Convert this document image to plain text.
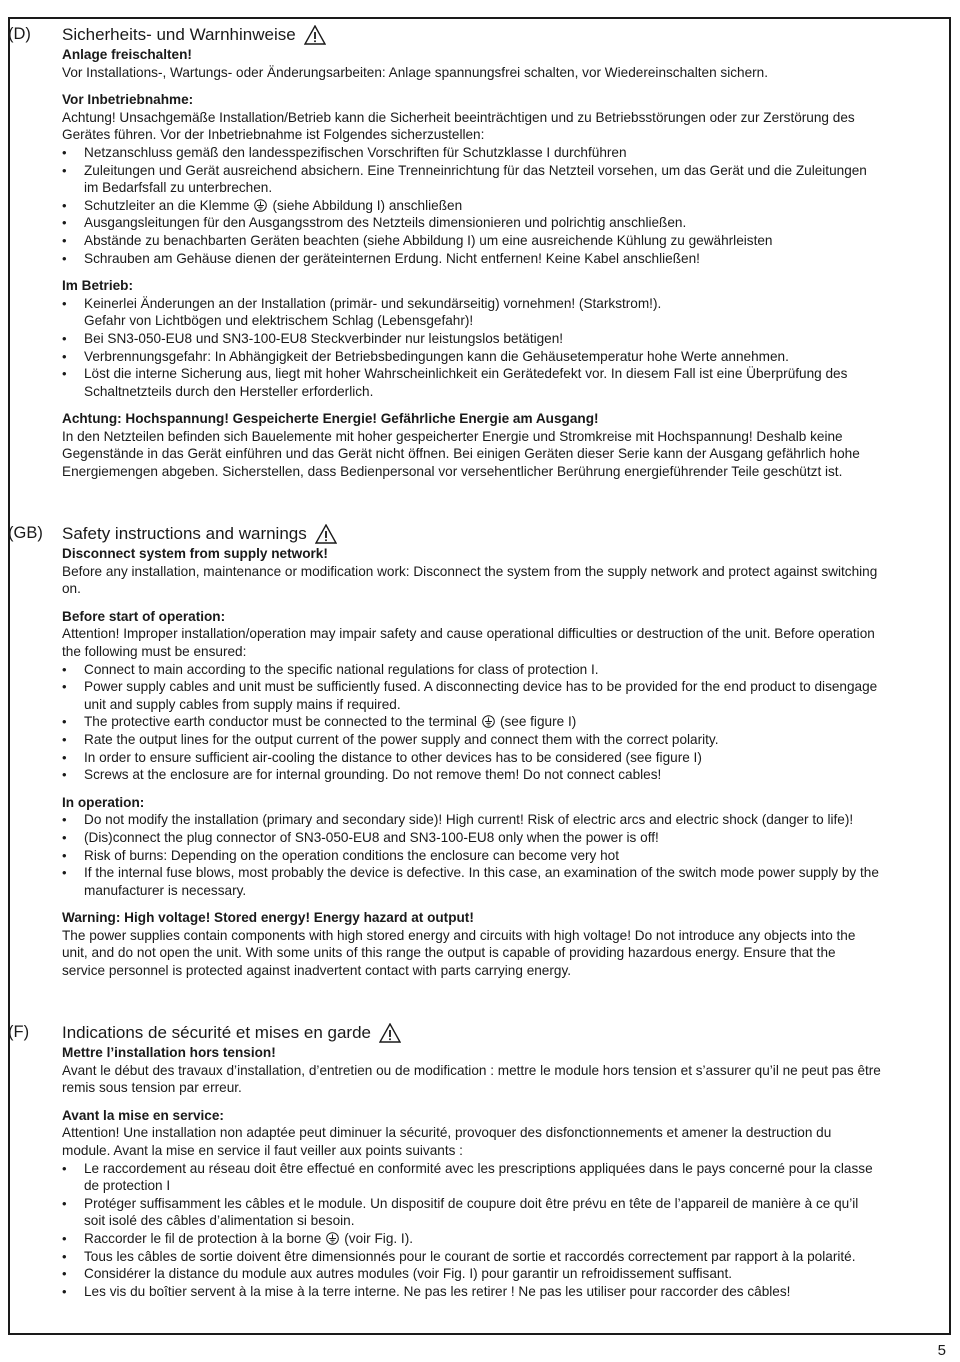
(D) Sicherheits- und Warnhinweise

Anlage freischalten!

Vor Installations-, Wartungs- oder Änderungsarbeiten: Anlage spannungsfrei schalten, vor Wiedereinschalten sichern.

Vor Inbetriebnahme:

Achtung! Unsachgemäße Installation/Betrieb kann die Sicherheit beeinträchtigen und zu Betriebsstörungen oder zur Zerstörung des Gerätes führen. Vor der Inbetriebnahme ist Folgendes sicherzustellen:

• Netzanschluss gemäß den landesspezifischen Vorschriften für Schutzklasse I durchführen
• Zuleitungen und Gerät ausreichend absichern. Eine Trenneinrichtung für das Netzteil vorsehen, um das Gerät und die Zuleitungen im Bedarfsfall zu unterbrechen.
• Schutzleiter an die Klemme (siehe Abbildung I) anschließen
• Ausgangsleitungen für den Ausgangsstrom des Netzteils dimensionieren und polrichtig anschließen.
• Abstände zu benachbarten Geräten beachten (siehe Abbildung I) um eine ausreichende Kühlung zu gewährleisten
• Schrauben am Gehäuse dienen der geräteinternen Erdung. Nicht entfernen! Keine Kabel anschließen!

Im Betrieb:

• Keinerlei Änderungen an der Installation (primär- und sekundärseitig) vornehmen! (Starkstrom!).
Gefahr von Lichtbögen und elektrischem Schlag (Lebensgefahr)!
• Bei SN3-050-EU8 und SN3-100-EU8 Steckverbinder nur leistungslos betätigen!
• Verbrennungsgefahr: In Abhängigkeit der Betriebsbedingungen kann die Gehäusetemperatur hohe Werte annehmen.
• Löst die interne Sicherung aus, liegt mit hoher Wahrscheinlichkeit ein Gerätedefekt vor. In diesem Fall ist eine Überprüfung des Schaltnetzteils durch den Hersteller erforderlich.

Achtung: Hochspannung! Gespeicherte Energie! Gefährliche Energie am Ausgang!

In den Netzteilen befinden sich Bauelemente mit hoher gespeicherter Energie und Stromkreise mit Hochspannung! Deshalb keine Gegenstände in das Gerät einführen und das Gerät nicht öffnen. Bei einigen Geräten dieser Serie kann der Ausgang gefährlich hohe Energiemengen abgeben. Sicherstellen, dass Bedienpersonal vor versehentlicher Berührung energieführender Teile geschützt ist.

(GB) Safety instructions and warnings

Disconnect system from supply network!

Before any installation, maintenance or modification work: Disconnect the system from the supply network and protect against switching on.

Before start of operation:

Attention! Improper installation/operation may impair safety and cause operational difficulties or destruction of the unit. Before operation the following must be ensured:

• Connect to main according to the specific national regulations for class of protection I.
• Power supply cables and unit must be sufficiently fused. A disconnecting device has to be provided for the end product to disengage unit and supply cables from supply mains if required.
• The protective earth conductor must be connected to the terminal (see figure I)
• Rate the output lines for the output current of the power supply and connect them with the correct polarity.
• In order to ensure sufficient air-cooling the distance to other devices has to be considered (see figure I)
• Screws at the enclosure are for internal grounding. Do not remove them! Do not connect cables!

In operation:

• Do not modify the installation (primary and secondary side)! High current! Risk of electric arcs and electric shock (danger to life)!
• (Dis)connect the plug connector of SN3-050-EU8 and SN3-100-EU8 only when the power is off!
• Risk of burns: Depending on the operation conditions the enclosure can become very hot
• If the internal fuse blows, most probably the device is defective. In this case, an examination of the switch mode power supply by the manufacturer is necessary.

Warning: High voltage! Stored energy! Energy hazard at output!

The power supplies contain components with high stored energy and circuits with high voltage! Do not introduce any objects into the unit, and do not open the unit. With some units of this range the output is capable of providing hazardous energy. Ensure that the service personnel is protected against inadvertent contact with parts carrying energy.

(F) Indications de sécurité et mises en garde

Mettre l’installation hors tension!

Avant le début des travaux d’installation, d’entretien ou de modification : mettre le module hors tension et s’assurer qu’il ne peut pas être remis sous tension par erreur.

Avant la mise en service:

Attention! Une installation non adaptée peut diminuer la sécurité, provoquer des disfonctionnements et amener la destruction du module. Avant la mise en service il faut veiller aux points suivants :

• Le raccordement au réseau doit être effectué en conformité avec les prescriptions appliquées dans le pays concerné pour la classe de protection I
• Protéger suffisamment les câbles et le module. Un dispositif de coupure doit être prévu en tête de l’appareil de manière à ce qu’il soit isolé des câbles d’alimentation si besoin.
• Raccorder le fil de protection à la borne (voir Fig. I).
• Tous les câbles de sortie doivent être dimensionnés pour le courant de sortie et raccordés correctement par rapport à la polarité.
• Considérer la distance du module aux autres modules (voir Fig. I) pour garantir un refroidissement suffisant.
• Les vis du boîtier servent à la mise à la terre interne. Ne pas les retirer ! Ne pas les utiliser pour raccorder des câbles!
5
